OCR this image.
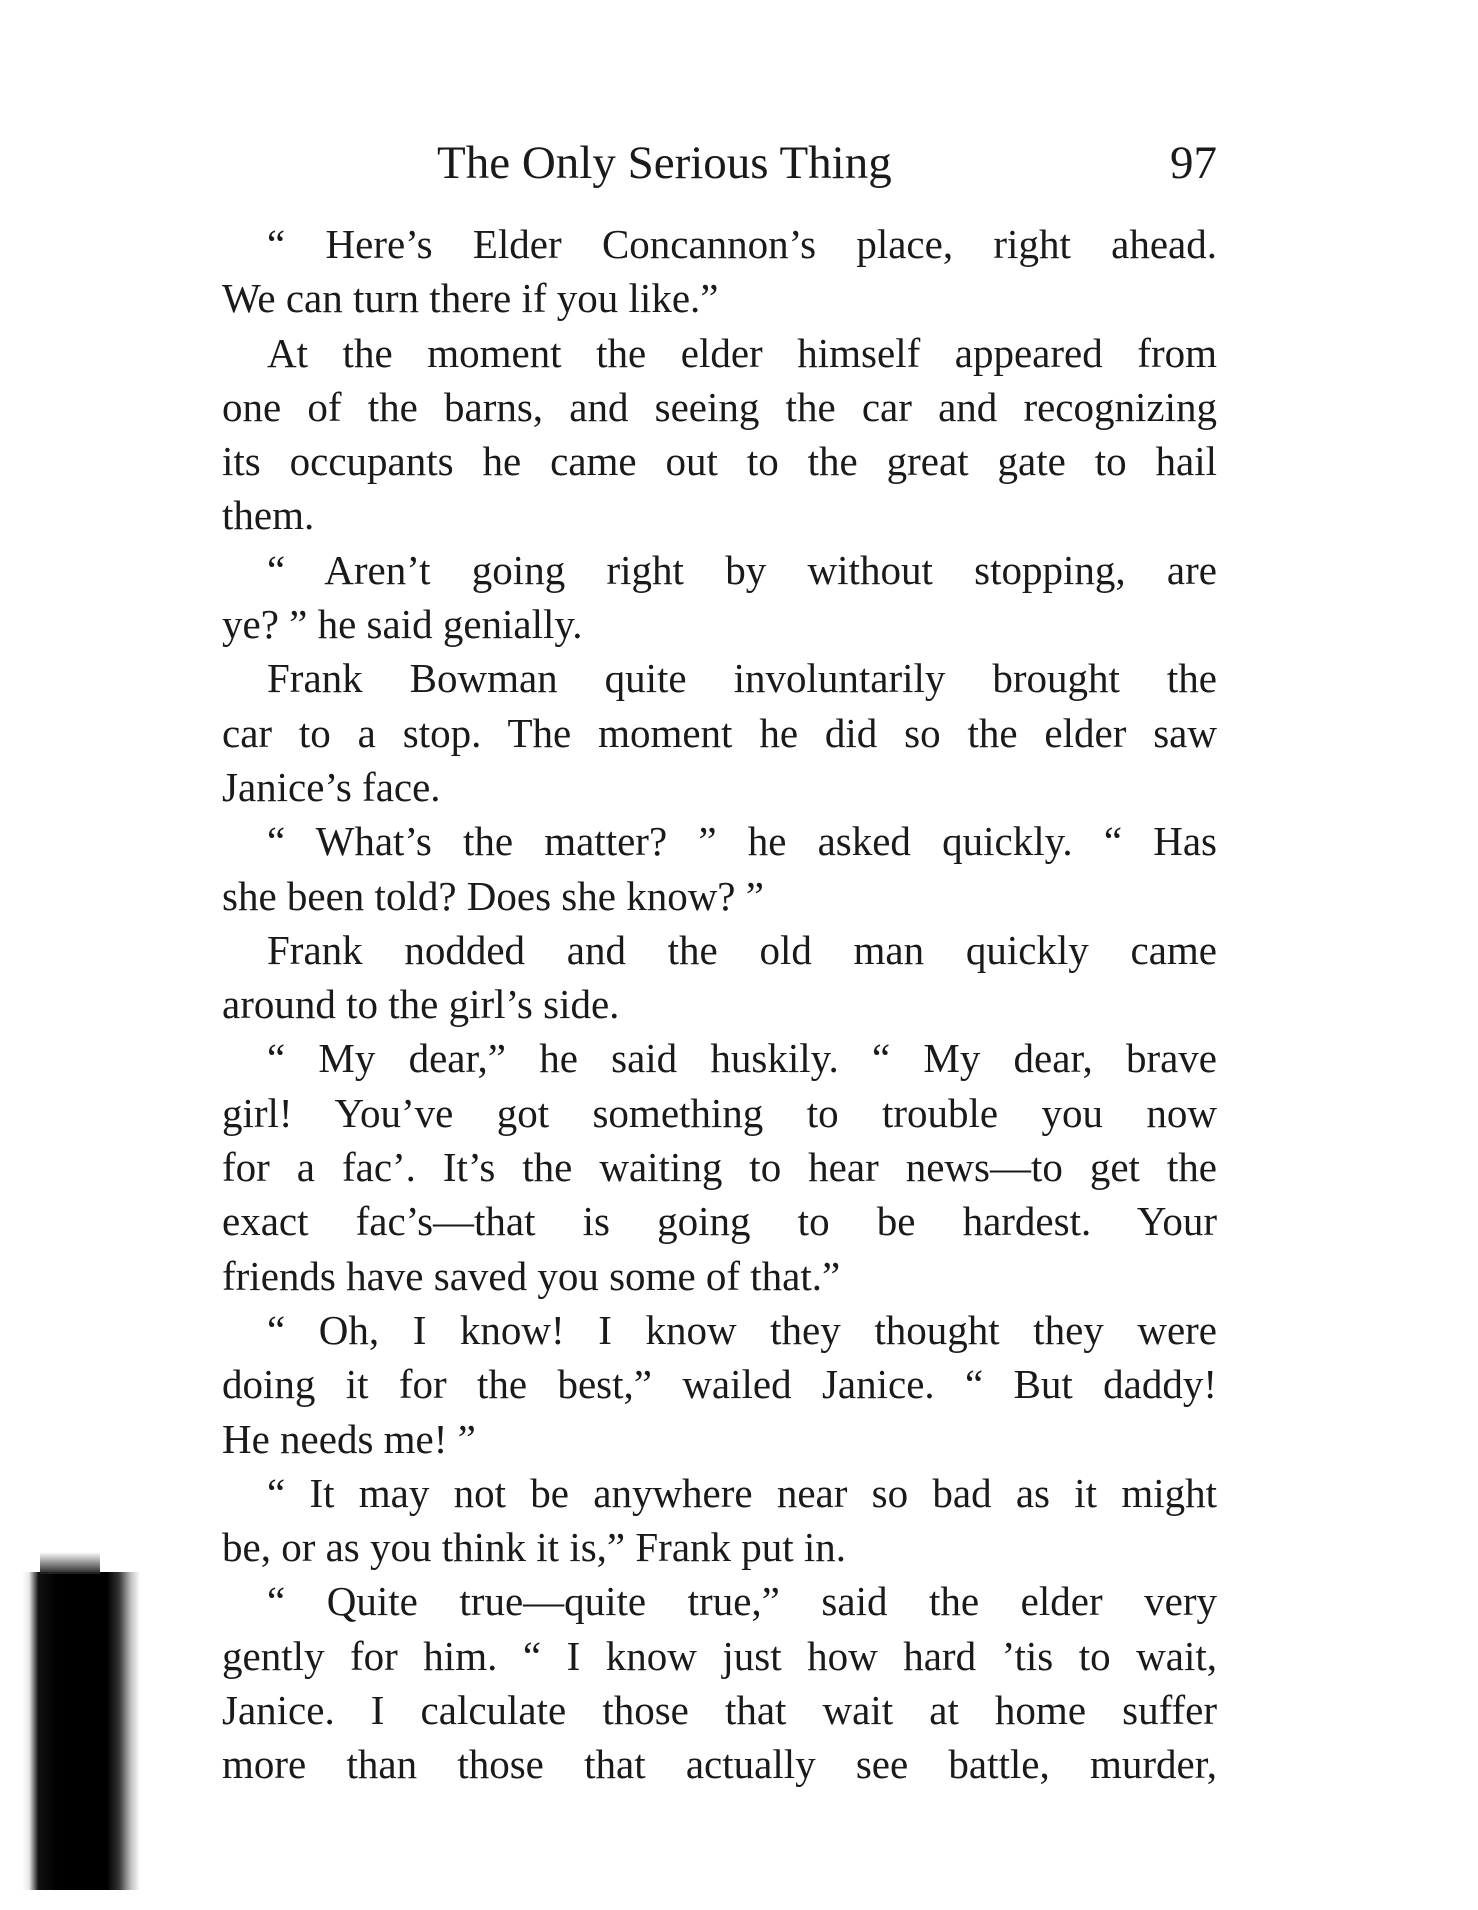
The Only Serious Thing	97

“ Here’s Elder Concannon’s place, right ahead.
We can turn there if you like.”

At the moment the elder himself appeared from
one of the barns, and seeing the car and recognizing
its occupants he came out to the great gate to hail
them.

“ Aren’t going right by without stopping, are
ye? ” he said genially.

Frank Bowman quite involuntarily brought the
car to a stop. The moment he did so the elder saw
Janice’s face.

“ What’s the matter? ” he asked quickly. “ Has
she been told? Does she know? ”

Frank nodded and the old man quickly came
around to the girl’s side.

“ My dear,” he said huskily. “ My dear, brave
girl! You’ve got something to trouble you now
for a fac’. It’s the waiting to hear news—to get the
exact fac’s—that is going to be hardest. Your
friends have saved you some of that.”

“ Oh, I know! I know they thought they were
doing it for the best,” wailed Janice. “ But daddy!
He needs me! ”

“ It may not be anywhere near so bad as it might
be, or as you think it is,” Frank put in.

“ Quite true—quite true,” said the elder very
gently for him. “ I know just how hard ’tis to wait,
Janice. I calculate those that wait at home suffer
more than those that actually see battle, murder,
